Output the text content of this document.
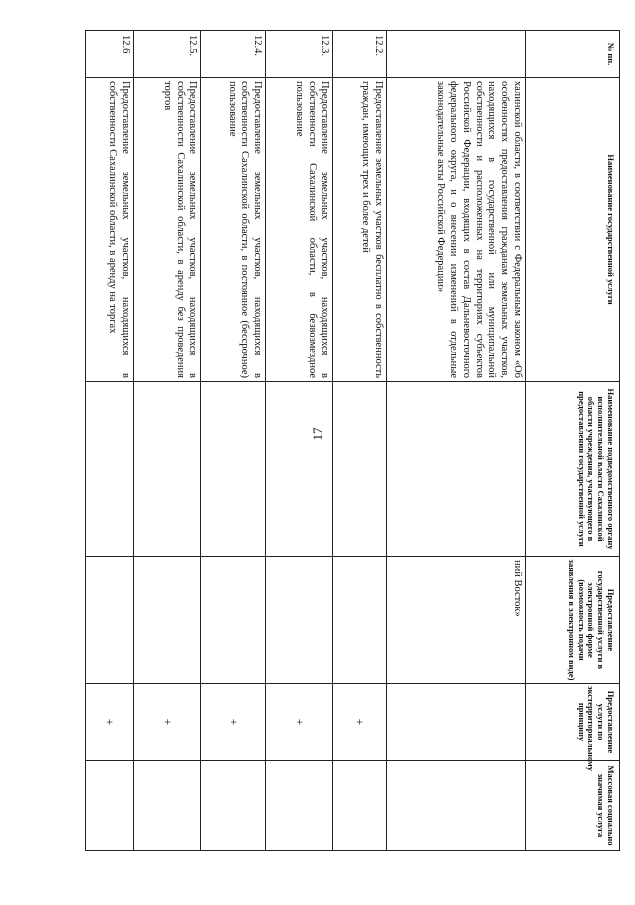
17
№ пп.	Наименование государственной услуги	Наименование подведомственного органу исполнительной власти Сахалинской области учреждения, участвующего в предоставлении государственной услуги	Предоставление государственной услуги в электронной форме (возможность подачи заявления в электронном виде)	Предоставление услуги по экстерриториальному принципу	Массовая социально значимая услуга
	халинской области, в соответствии с Федеральным законом «Об особенностях предоставления гражданам земельных участков, находящихся в государственной или муниципальной собственности и расположенных на территориях субъектов Российской Федерации, входящих в состав Дальневосточного федерального округа, и о внесении изменений в отдельные законодательные акты Российской Федерации»		ний Восток»		
12.2.	Предоставление земельных участков бесплатно в собственность граждан, имеющих трех и более детей			+	
12.3.	Предоставление земельных участков, находящихся в собственности Сахалинской области, в безвозмездное пользование			+	
12.4.	Предоставление земельных участков, находящихся в собственности Сахалинской области, в постоянное (бессрочное) пользование			+	
12.5.	Предоставление земельных участков, находящихся в собственности Сахалинской области, в аренду без проведения торгов			+	
12.6	Предоставление земельных участков, находящихся в собственности Сахалинской области, в аренду на торгах			+	
